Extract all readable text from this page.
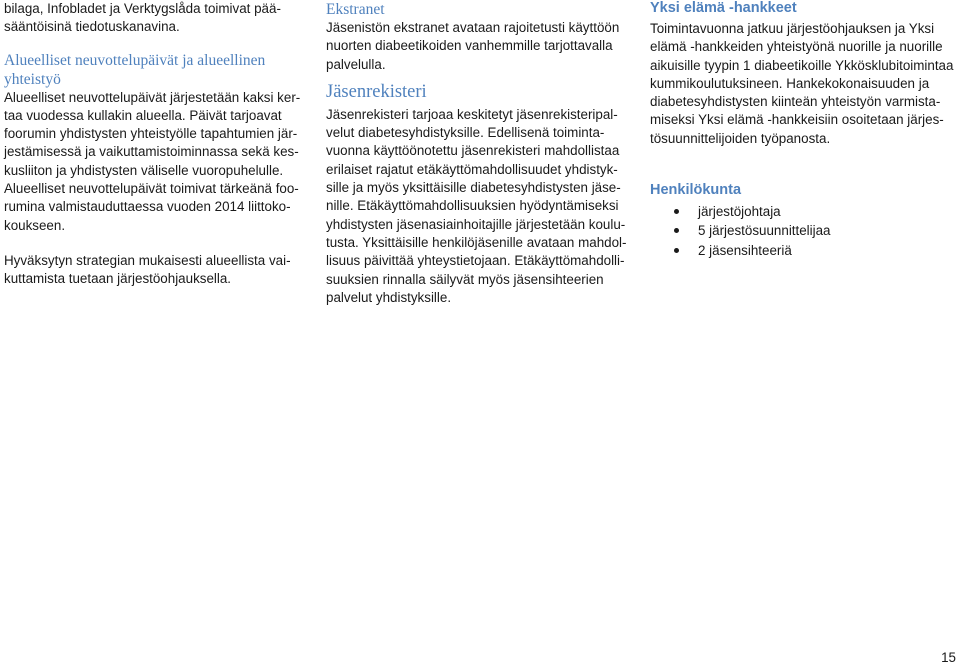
bilaga, Infobladet ja Verktygslåda toimivat pää-
sääntöisinä tiedotuskanavina.

Alueelliset neuvottelupäivät ja alueellinen
yhteistyö

Alueelliset neuvottelupäivät järjestetään kaksi ker-
taa vuodessa kullakin alueella. Päivät tarjoavat
foorumin yhdistysten yhteistyölle tapahtumien jär-
jestämisessä ja vaikuttamistoiminnassa sekä kes-
kusliiton ja yhdistysten väliselle vuoropuhelulle.

Alueelliset neuvottelupäivät toimivat tärkeänä foo-
rumina valmistauduttaessa vuoden 2014 liittoko-
koukseen.

Hyväksytyn strategian mukaisesti alueellista vai-
kuttamista tuetaan järjestöohjauksella.

Ekstranet

Jäsenistön ekstranet avataan rajoitetusti käyttöön
nuorten diabeetikoiden vanhemmille tarjottavalla
palvelulla.

Jäsenrekisteri

Jäsenrekisteri tarjoaa keskitetyt jäsenrekisteripal-
velut diabetesyhdistyksille. Edellisenä toiminta-
vuonna käyttöönotettu jäsenrekisteri mahdollistaa
erilaiset rajatut etäkäyttömahdollisuudet yhdistyk-
sille ja myös yksittäisille diabetesyhdistysten jäse-
nille. Etäkäyttömahdollisuuksien hyödyntämiseksi
yhdistysten jäsenasiainhoitajille järjestetään koulu-
tusta. Yksittäisille henkilöjäsenille avataan mahdol-
lisuus päivittää yhteystietojaan. Etäkäyttömahdolli-
suuksien rinnalla säilyvät myös jäsensihteerien
palvelut yhdistyksille.

Yksi elämä -hankkeet

Toimintavuonna jatkuu järjestöohjauksen ja Yksi
elämä -hankkeiden yhteistyönä nuorille ja nuorille
aikuisille tyypin 1 diabeetikoille Ykkösklubitoimintaa
kummikoulutuksineen. Hankekokonaisuuden ja
diabetesyhdistysten kiinteän yhteistyön varmista-
miseksi Yksi elämä -hankkeisiin osoitetaan järjes-
tösuunnittelijoiden työpanosta.

Henkilökunta
järjestöjohtaja
5 järjestösuunnittelijaa
2 jäsensihteeriä

15
